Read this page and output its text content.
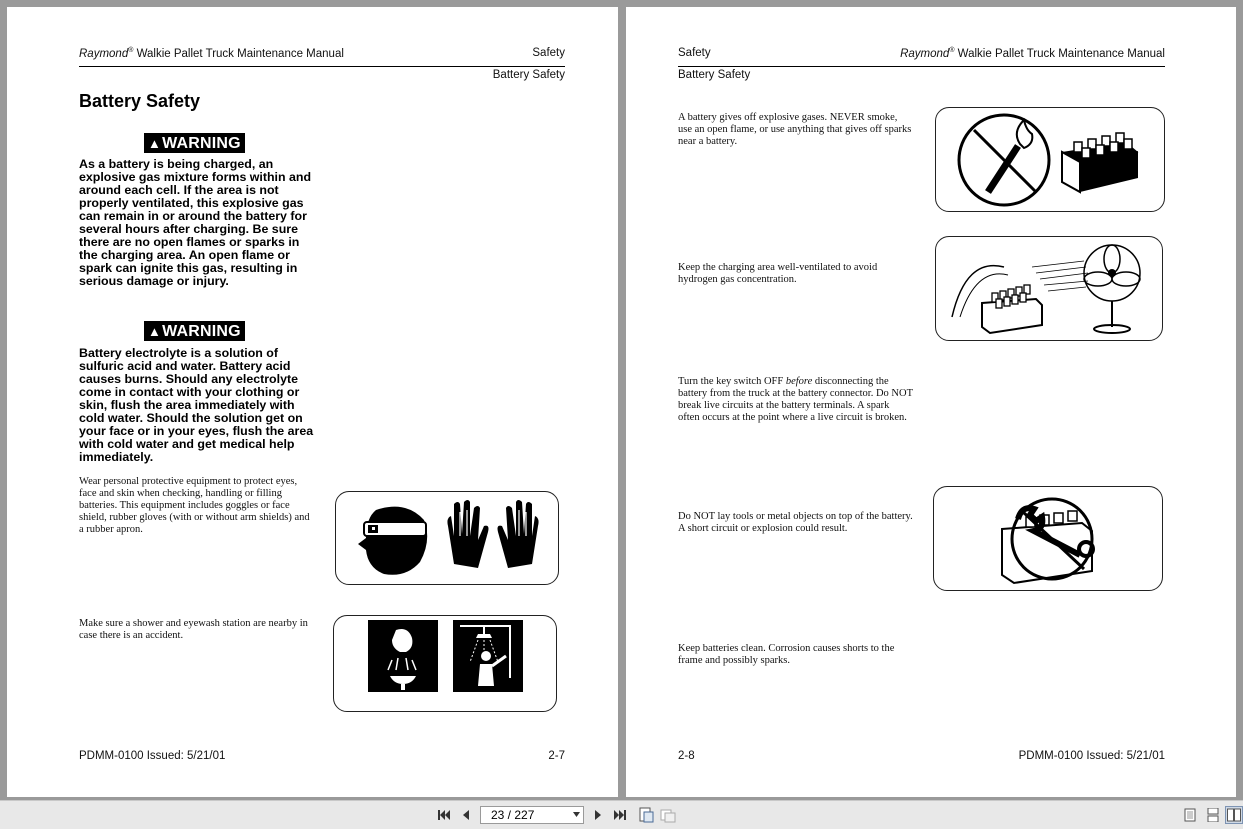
Raymond® Walkie Pallet Truck Maintenance Manual	Safety
Battery Safety
Battery Safety
▲WARNING
As a battery is being charged, an explosive gas mixture forms within and around each cell. If the area is not properly ventilated, this explosive gas can remain in or around the battery for several hours after charging. Be sure there are no open flames or sparks in the charging area. An open flame or spark can ignite this gas, resulting in serious damage or injury.
▲WARNING
Battery electrolyte is a solution of sulfuric acid and water. Battery acid causes burns. Should any electrolyte come in contact with your clothing or skin, flush the area immediately with cold water. Should the solution get on your face or in your eyes, flush the area with cold water and get medical help immediately.
Wear personal protective equipment to protect eyes, face and skin when checking, handling or filling batteries. This equipment includes goggles or face shield, rubber gloves (with or without arm shields) and a rubber apron.
Make sure a shower and eyewash station are nearby in case there is an accident.
PDMM-0100 Issued: 5/21/01	2-7
Safety	Raymond® Walkie Pallet Truck Maintenance Manual
Battery Safety
A battery gives off explosive gases. NEVER smoke, use an open flame, or use anything that gives off sparks near a battery.
Keep the charging area well-ventilated to avoid hydrogen gas concentration.
Turn the key switch OFF before disconnecting the battery from the truck at the battery connector. Do NOT break live circuits at the battery terminals. A spark often occurs at the point where a live circuit is broken.
Do NOT lay tools or metal objects on top of the battery. A short circuit or explosion could result.
Keep batteries clean. Corrosion causes shorts to the frame and possibly sparks.
2-8	PDMM-0100 Issued: 5/21/01
23 / 227
